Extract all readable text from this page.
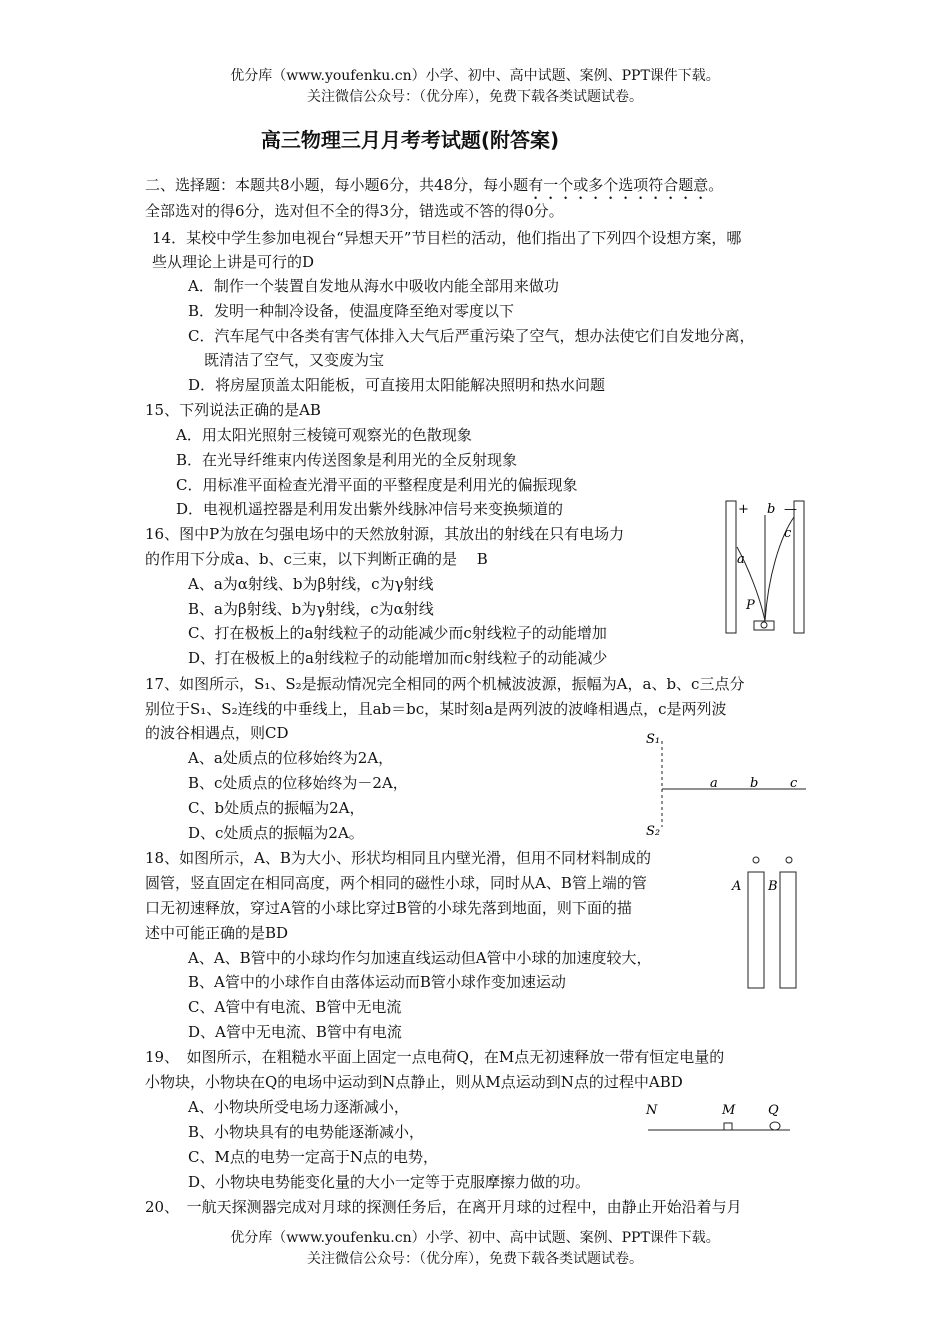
优分库（www.youfenku.cn）小学、初中、高中试题、案例、PPT课件下载。
关注微信公众号：（优分库），免费下载各类试题试卷。
高三物理三月月考考试题(附答案)
二、选择题：本题共8小题，每小题6分，共48分，每小题有一个或多个选项符合题意。
全部选对的得6分，选对但不全的得3分，错选或不答的得0分。
14．某校中学生参加电视台“异想天开”节目栏的活动，他们指出了下列四个设想方案，哪
些从理论上讲是可行的D
A．制作一个装置自发地从海水中吸收内能全部用来做功
B．发明一种制冷设备，使温度降至绝对零度以下
C．汽车尾气中各类有害气体排入大气后严重污染了空气，想办法使它们自发地分离，
既清洁了空气，又变废为宝
D．将房屋顶盖太阳能板，可直接用太阳能解决照明和热水问题
15、下列说法正确的是AB
A．用太阳光照射三棱镜可观察光的色散现象
B．在光导纤维束内传送图象是利用光的全反射现象
C．用标准平面检查光滑平面的平整程度是利用光的偏振现象
D．电视机遥控器是利用发出紫外线脉冲信号来变换频道的
16、图中P为放在匀强电场中的天然放射源，其放出的射线在只有电场力
的作用下分成a、b、c三束，以下判断正确的是　 B
A、a为α射线、b为β射线，c为γ射线
B、a为β射线、b为γ射线，c为α射线
C、打在极板上的a射线粒子的动能减少而c射线粒子的动能增加
D、打在极板上的a射线粒子的动能增加而c射线粒子的动能减少
+	—
a
b
c
P
17、如图所示，S₁、S₂是振动情况完全相同的两个机械波波源，振幅为A，a、b、c三点分
别位于S₁、S₂连线的中垂线上，且ab＝bc，某时刻a是两列波的波峰相遇点，c是两列波
的波谷相遇点，则CD
A、a处质点的位移始终为2A，
B、c处质点的位移始终为－2A，
C、b处质点的振幅为2A，
D、c处质点的振幅为2A。
S₁
S₂
a b c
18、如图所示，A、B为大小、形状均相同且内壁光滑，但用不同材料制成的
圆管，竖直固定在相同高度，两个相同的磁性小球，同时从A、B管上端的管
口无初速释放，穿过A管的小球比穿过B管的小球先落到地面，则下面的描
述中可能正确的是BD
A、A、B管中的小球均作匀加速直线运动但A管中小球的加速度较大，
B、A管中的小球作自由落体运动而B管小球作变加速运动
C、A管中有电流、B管中无电流
D、A管中无电流、B管中有电流
A B
19、　如图所示，在粗糙水平面上固定一点电荷Q，在M点无初速释放一带有恒定电量的
小物块，小物块在Q的电场中运动到N点静止，则从M点运动到N点的过程中ABD
A、小物块所受电场力逐渐减小，
B、小物块具有的电势能逐渐减小，
C、M点的电势一定高于N点的电势，
D、小物块电势能变化量的大小一定等于克服摩擦力做的功。
N	M	Q
20、　一航天探测器完成对月球的探测任务后，在离开月球的过程中，由静止开始沿着与月
优分库（www.youfenku.cn）小学、初中、高中试题、案例、PPT课件下载。
关注微信公众号：（优分库），免费下载各类试题试卷。
